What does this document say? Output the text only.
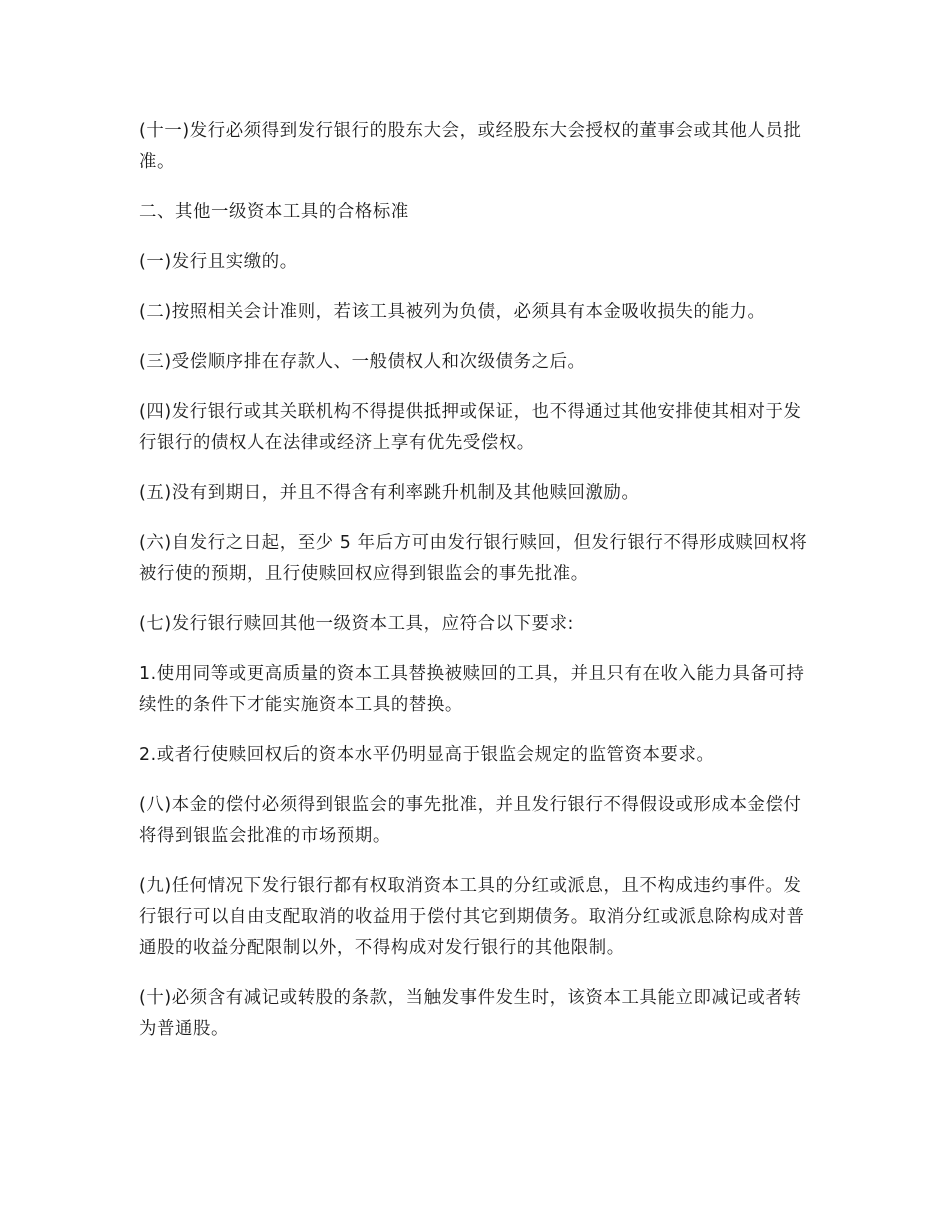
(十一)发行必须得到发行银行的股东大会，或经股东大会授权的董事会或其他人员批准。

二、其他一级资本工具的合格标准

(一)发行且实缴的。

(二)按照相关会计准则，若该工具被列为负债，必须具有本金吸收损失的能力。

(三)受偿顺序排在存款人、一般债权人和次级债务之后。

(四)发行银行或其关联机构不得提供抵押或保证，也不得通过其他安排使其相对于发行银行的债权人在法律或经济上享有优先受偿权。

(五)没有到期日，并且不得含有利率跳升机制及其他赎回激励。

(六)自发行之日起，至少 5 年后方可由发行银行赎回，但发行银行不得形成赎回权将被行使的预期，且行使赎回权应得到银监会的事先批准。

(七)发行银行赎回其他一级资本工具，应符合以下要求:

1.使用同等或更高质量的资本工具替换被赎回的工具，并且只有在收入能力具备可持续性的条件下才能实施资本工具的替换。

2.或者行使赎回权后的资本水平仍明显高于银监会规定的监管资本要求。

(八)本金的偿付必须得到银监会的事先批准，并且发行银行不得假设或形成本金偿付将得到银监会批准的市场预期。

(九)任何情况下发行银行都有权取消资本工具的分红或派息，且不构成违约事件。发行银行可以自由支配取消的收益用于偿付其它到期债务。取消分红或派息除构成对普通股的收益分配限制以外，不得构成对发行银行的其他限制。

(十)必须含有减记或转股的条款，当触发事件发生时，该资本工具能立即减记或者转为普通股。
